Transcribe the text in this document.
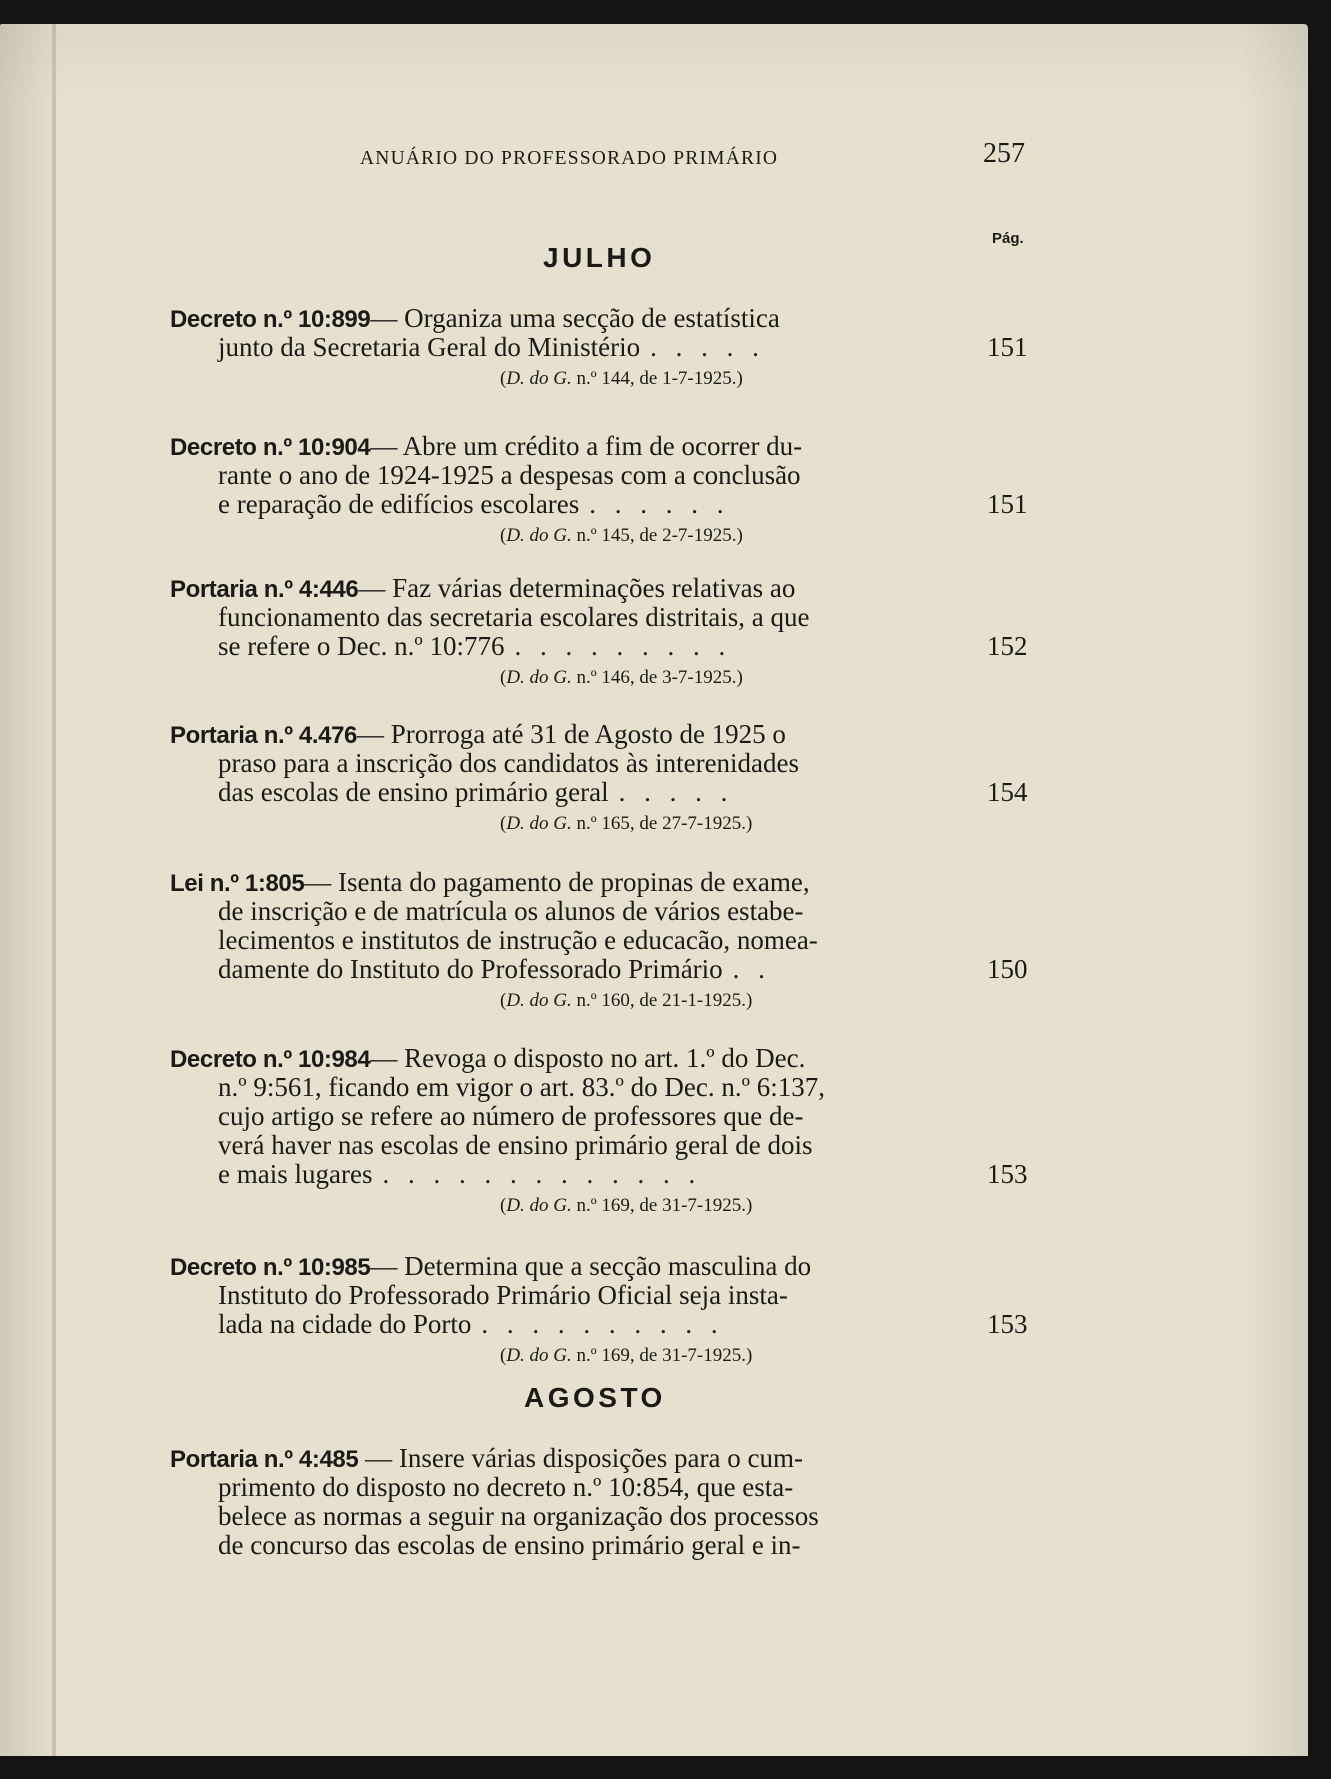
ANUÁRIO DO PROFESSORADO PRIMÁRIO	257
Pág.
JULHO
Decreto n.º 10:899— Organiza uma secção de estatística
junto da Secretaria Geral do Ministério . . . . .
(D. do G. n.º 144, de 1-7-1925.)
151
Decreto n.º 10:904— Abre um crédito a fim de ocorrer du-
rante o ano de 1924-1925 a despesas com a conclusão
e reparação de edifícios escolares . . . . . .
(D. do G. n.º 145, de 2-7-1925.)
151
Portaria n.º 4:446— Faz várias determinações relativas ao
funcionamento das secretaria escolares distritais, a que
se refere o Dec. n.º 10:776 . . . . . . . . .
(D. do G. n.º 146, de 3-7-1925.)
152
Portaria n.º 4.476— Prorroga até 31 de Agosto de 1925 o
praso para a inscrição dos candidatos às interenidades
das escolas de ensino primário geral . . . . .
(D. do G. n.º 165, de 27-7-1925.)
154
Lei n.º 1:805— Isenta do pagamento de propinas de exame,
de inscrição e de matrícula os alunos de vários estabe-
lecimentos e institutos de instrução e educacão, nomea-
damente do Instituto do Professorado Primário . .
(D. do G. n.º 160, de 21-1-1925.)
150
Decreto n.º 10:984— Revoga o disposto no art. 1.º do Dec.
n.º 9:561, ficando em vigor o art. 83.º do Dec. n.º 6:137,
cujo artigo se refere ao número de professores que de-
verá haver nas escolas de ensino primário geral de dois
e mais lugares . . . . . . . . . . . . .
(D. do G. n.º 169, de 31-7-1925.)
153
Decreto n.º 10:985— Determina que a secção masculina do
Instituto do Professorado Primário Oficial seja insta-
lada na cidade do Porto . . . . . . . . . .
(D. do G. n.º 169, de 31-7-1925.)
153
AGOSTO
Portaria n.º 4:485 — Insere várias disposições para o cum-
primento do disposto no decreto n.º 10:854, que esta-
belece as normas a seguir na organização dos processos
de concurso das escolas de ensino primário geral e in-
